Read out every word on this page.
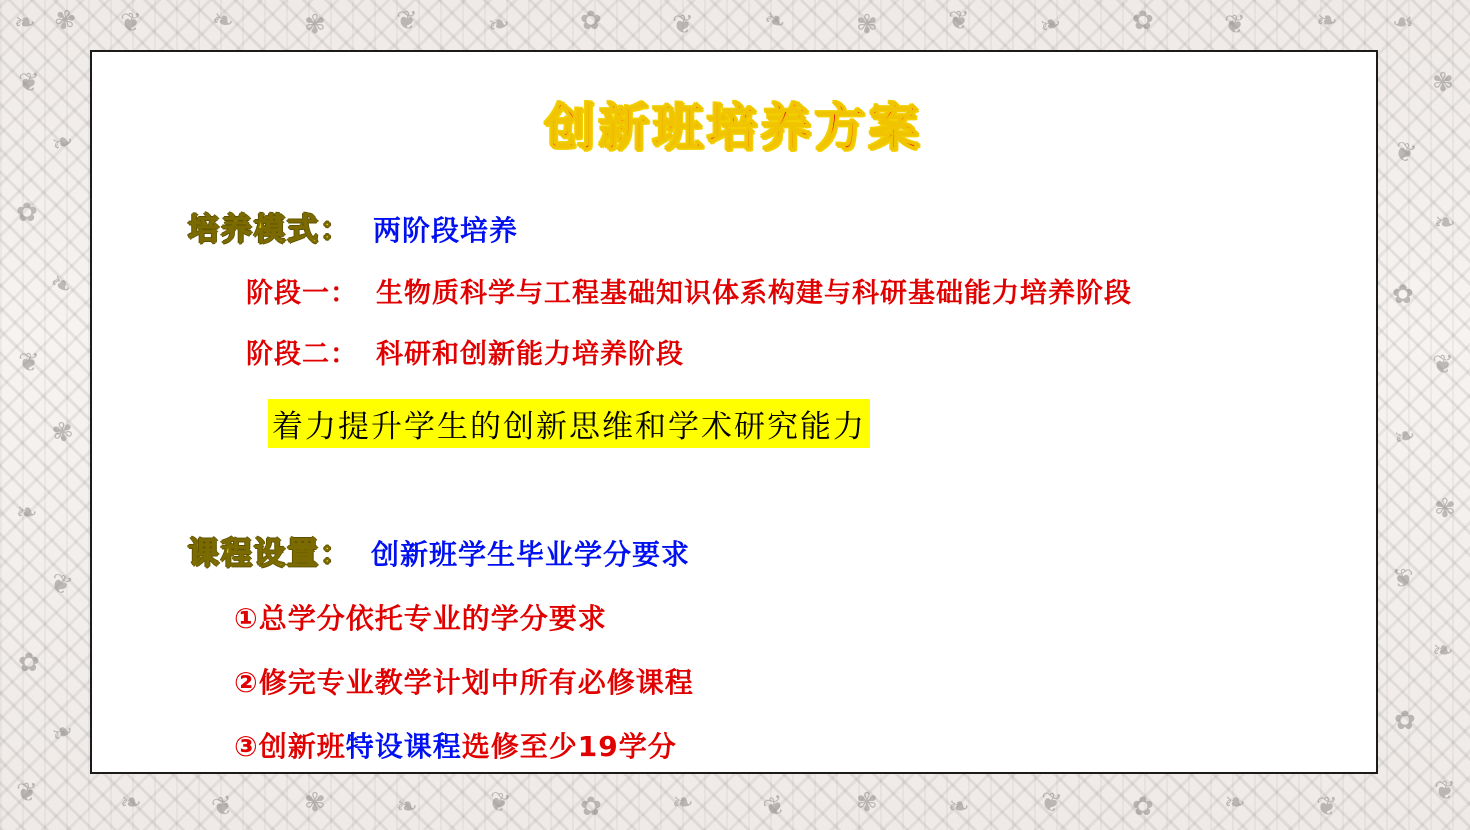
❧ ✾
❦
❧
✿
❧
❦
✾
❧
❦
✿
❧
❦
❧
✾
❦
❧
✿
❦
❧
✾
❦
❧
✿
❦
❦	❧	✾	❦	❧	✿	❦	❧	✾	❦	❧	✿	❦	❧
❧	❦	✾	❧	❦	✿	❧	❦	✾	❧	❦	✿	❧	❦
创新班培养方案
培养模式： 两阶段培养
阶段一： 生物质科学与工程基础知识体系构建与科研基础能力培养阶段
阶段二： 科研和创新能力培养阶段
着力提升学生的创新思维和学术研究能力
课程设置： 创新班学生毕业学分要求
① 总学分依托专业的学分要求
② 修完专业教学计划中所有必修课程
③ 创新班 特设课程 选修至少19学分
